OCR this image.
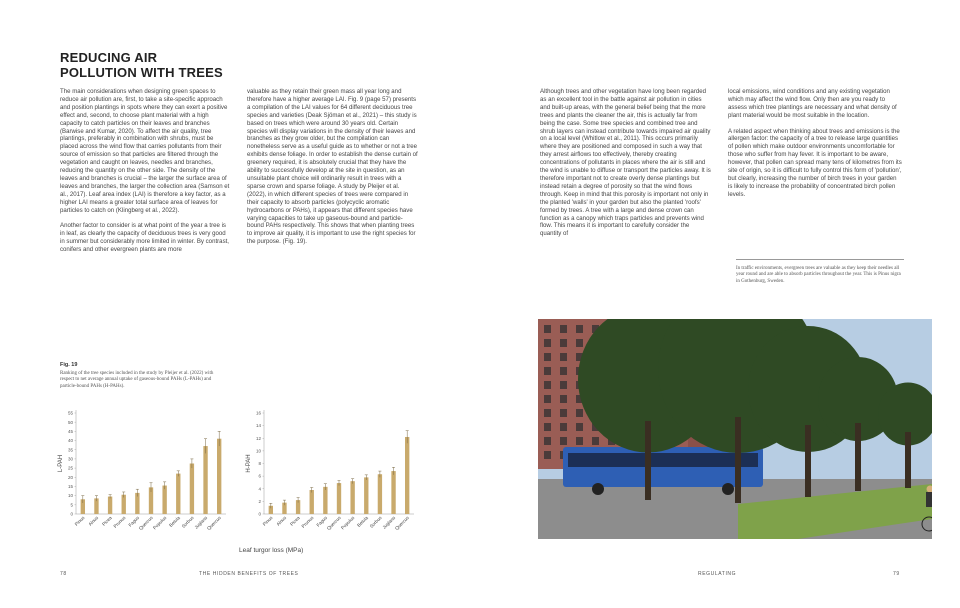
REDUCING AIR
POLLUTION WITH TREES

The main considerations when designing green spaces to reduce air pollution are, first, to take a site-specific approach and position plantings in spots where they can exert a positive effect and, second, to choose plant material with a high capacity to catch particles on their leaves and branches (Barwise and Kumar, 2020). To affect the air quality, tree plantings, preferably in combination with shrubs, must be placed across the wind flow that carries pollutants from their source of emission so that particles are filtered through the vegetation and caught on leaves, needles and branches, reducing the quantity on the other side. The density of the leaves and branches is crucial – the larger the surface area of leaves and branches, the larger the collection area (Samson et al., 2017). Leaf area index (LAI) is therefore a key factor, as a higher LAI means a greater total surface area of leaves for particles to catch on (Klingberg et al., 2022).

Another factor to consider is at what point of the year a tree is in leaf, as clearly the capacity of deciduous trees is very good in summer but considerably more limited in winter. By contrast, conifers and other evergreen plants are more

valuable as they retain their green mass all year long and therefore have a higher average LAI. Fig. 9 (page 57) presents a compilation of the LAI values for 64 different deciduous tree species and varieties (Deak Sjöman et al., 2021) – this study is based on trees which were around 30 years old. Certain species will display variations in the density of their leaves and branches as they grow older, but the compilation can nonetheless serve as a useful guide as to whether or not a tree exhibits dense foliage. In order to establish the dense curtain of greenery required, it is absolutely crucial that they have the ability to successfully develop at the site in question, as an unsuitable plant choice will ordinarily result in trees with a sparse crown and sparse foliage. A study by Pleijer et al. (2022), in which different species of trees were compared in their capacity to absorb particles (polycyclic aromatic hydrocarbons or PAHs), it appears that different species have varying capacities to take up gaseous-bound and particle-bound PAHs respectively. This shows that when planting trees to improve air quality, it is important to use the right species for the purpose. (Fig. 19).

Although trees and other vegetation have long been regarded as an excellent tool in the battle against air pollution in cities and built-up areas, with the general belief being that the more trees and plants the cleaner the air, this is actually far from being the case. Some tree species and combined tree and shrub layers can instead contribute towards impaired air quality on a local level (Whitlow et al., 2011). This occurs primarily where they are positioned and composed in such a way that they arrest airflows too effectively, thereby creating concentrations of pollutants in places where the air is still and the wind is unable to diffuse or transport the particles away. It is therefore important not to create overly dense plantings but instead retain a degree of porosity so that the wind flows through. Keep in mind that this porosity is important not only in the planted 'walls' in your garden but also the planted 'roofs' formed by trees. A tree with a large and dense crown can function as a canopy which traps particles and prevents wind flow. This means it is important to carefully consider the quantity of

local emissions, wind conditions and any existing vegetation which may affect the wind flow. Only then are you ready to assess which tree plantings are necessary and what density of plant material would be most suitable in the location.

A related aspect when thinking about trees and emissions is the allergen factor: the capacity of a tree to release large quantities of pollen which make outdoor environments uncomfortable for those who suffer from hay fever. It is important to be aware, however, that pollen can spread many tens of kilometres from its site of origin, so it is difficult to fully control this form of 'pollution', but clearly, increasing the number of birch trees in your garden is likely to increase the probability of concentrated birch pollen levels.

In traffic environments, evergreen trees are valuable as they keep their needles all year round and are able to absorb particles throughout the year. This is Pinus nigra in Gothenburg, Sweden.
Fig. 19
Ranking of the tree species included in the study by Pleijer et al. (2022) with respect to net average annual uptake of gaseous-bound PAHs (L-PAHs) and particle-bound PAHs (H-PAHs).
L-PAH
0
5
10
15
20
25
30
35
40
45
50
55
Pinus Alnus Picea Prunus Fagus
Quercus
Populus Betula Sorbus
Juglans
Quercus
H-PAH
0
2
4
6
8
10
12
14
16
Pinus Alnus Picea Prunus Fagus
Quercus
Populus Betula Sorbus
Juglans
Quercus
Leaf turgor loss (MPa)
78	THE HIDDEN BENEFITS OF TREES	REGULATING	79
